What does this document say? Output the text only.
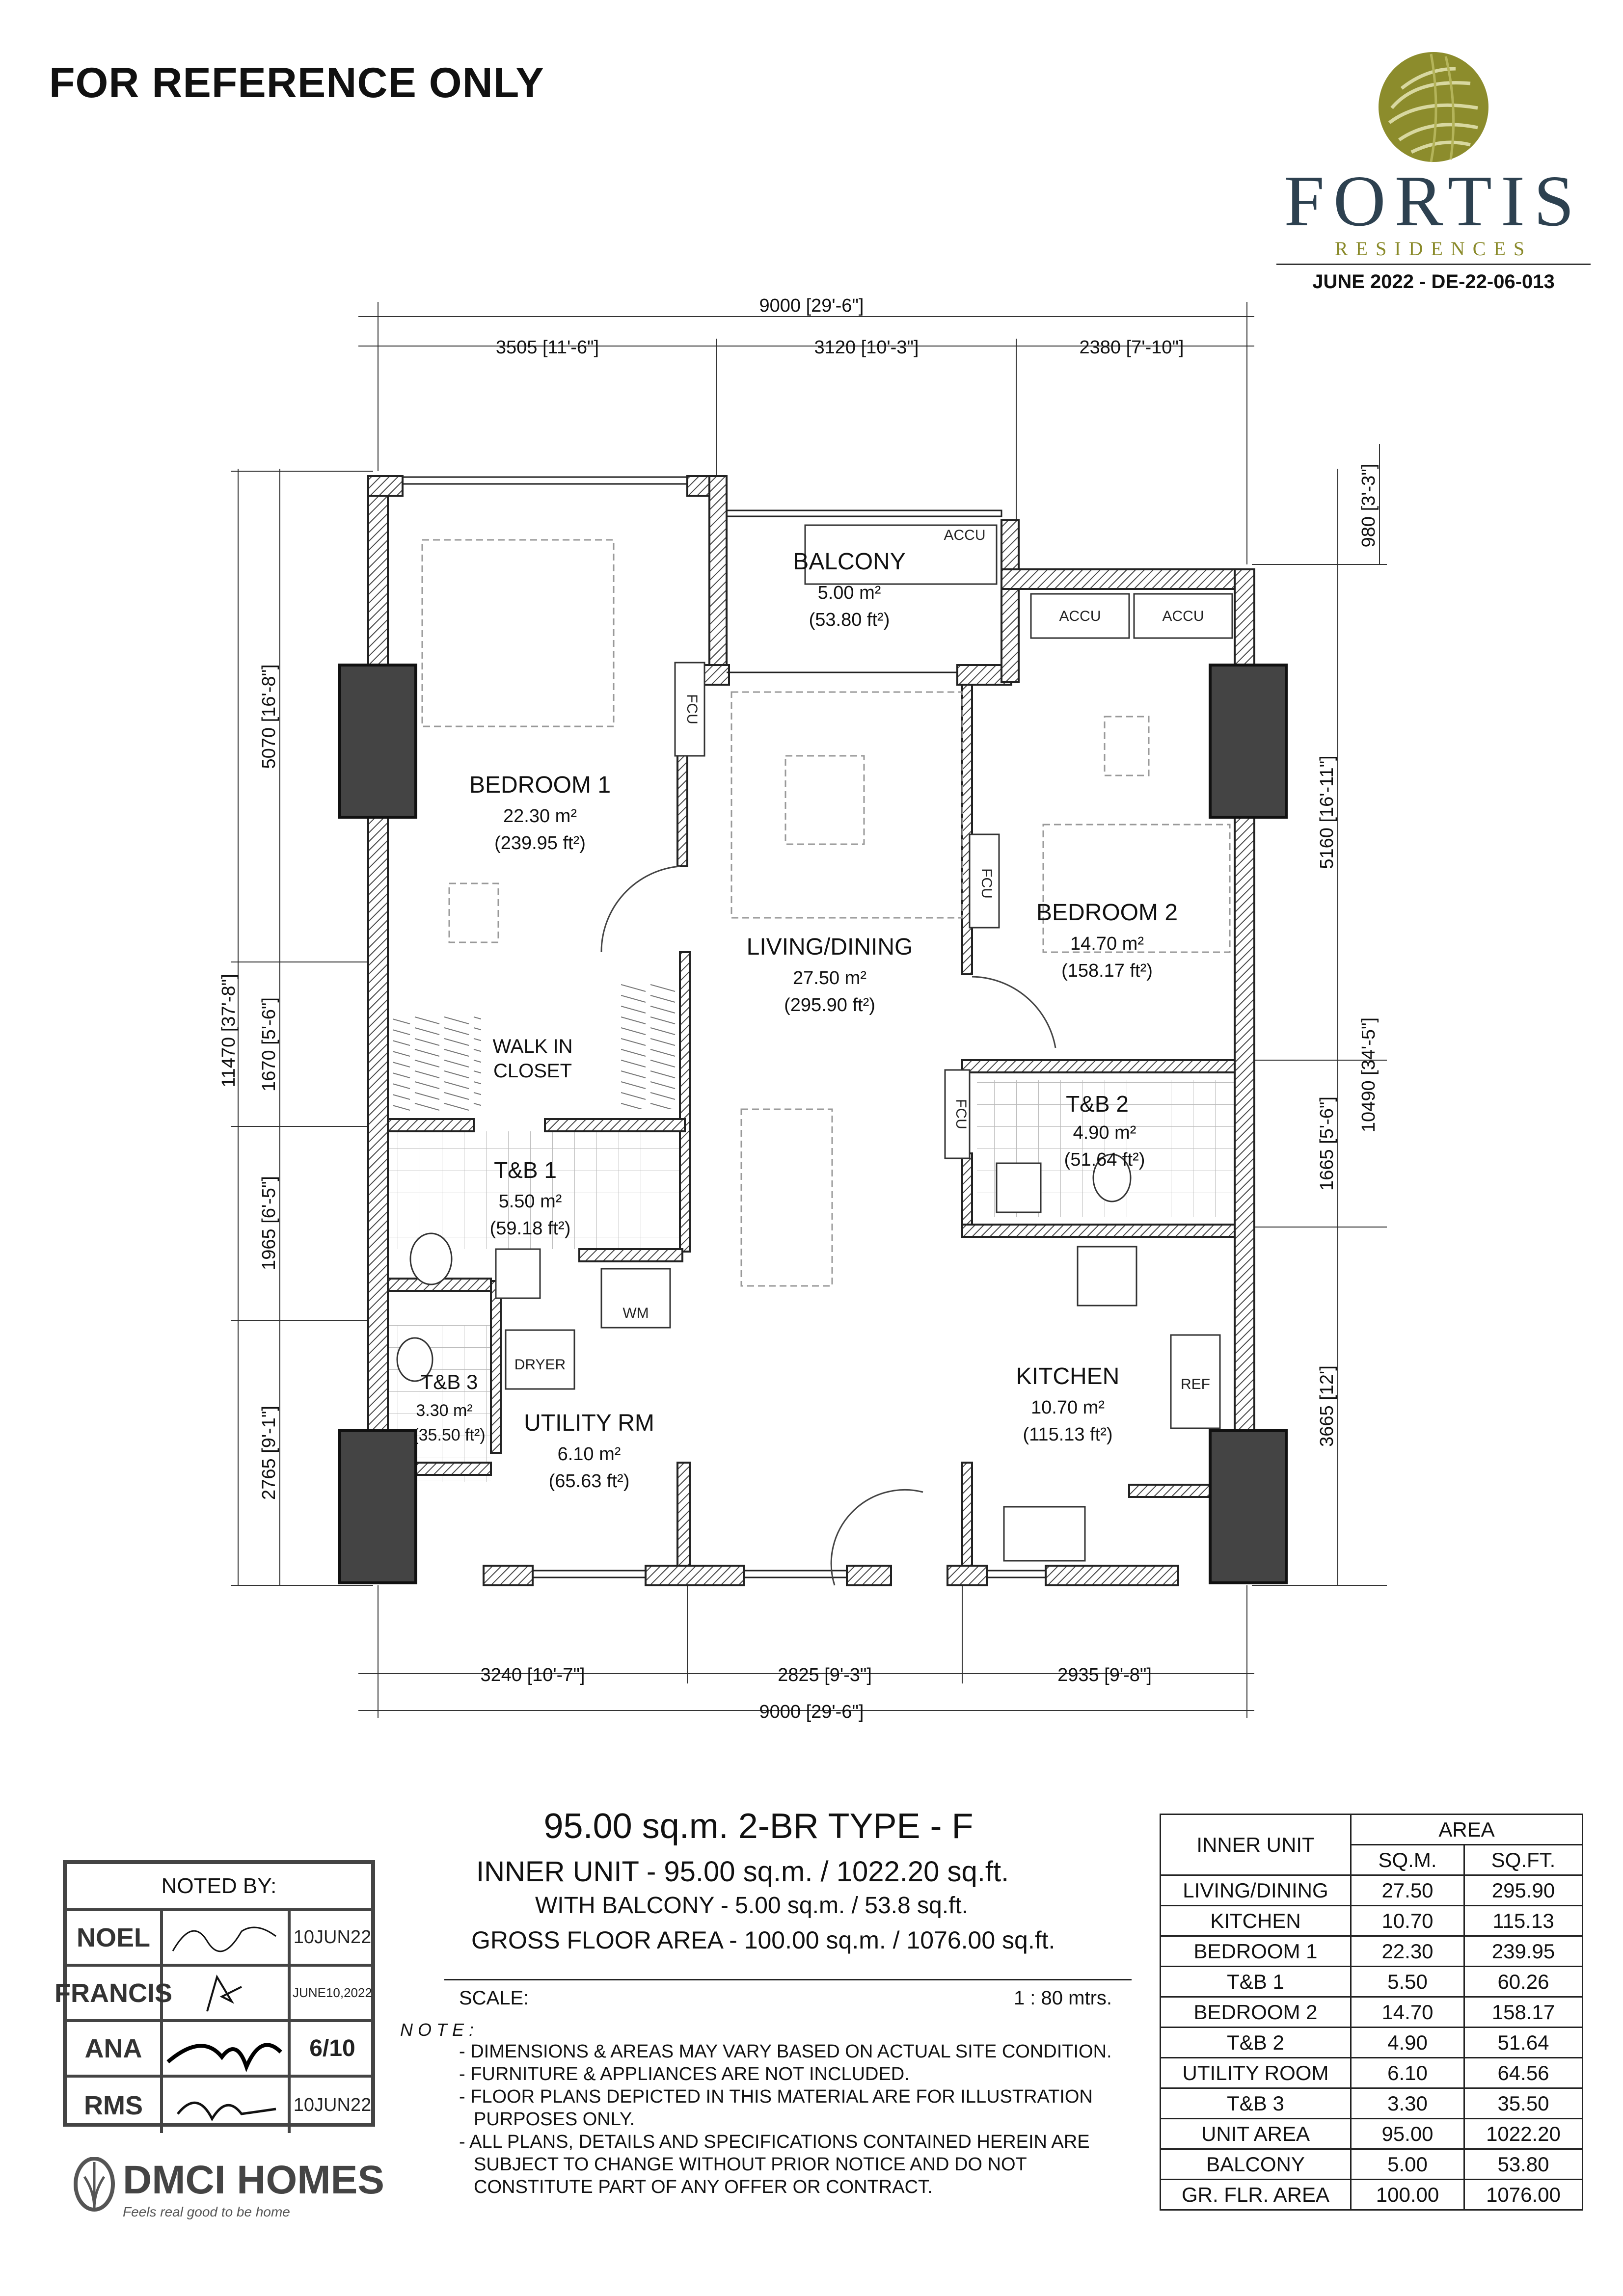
FOR REFERENCE ONLY
FORTIS
RESIDENCES
JUNE 2022 - DE-22-06-013
9000 [29'-6"]
3505 [11'-6"]	3120 [10'-3"]	2380 [7'-10"]
3240 [10'-7"]	2825 [9'-3"]	2935 [9'-8"]
9000 [29'-6"]
11470 [37'-8"]
5070 [16'-8"]
1670 [5'-6"]
1965 [6'-5"]
2765 [9'-1"]
980 [3'-3"]
10490 [34'-5"]
5160 [16'-11"]
1665 [5'-6"]
3665 [12']
ACCU
ACCU	ACCU
FCU
FCU
FCU
WM
DRYER
REF
BALCONY
5.00 m²
(53.80 ft²)
BEDROOM 1
22.30 m²
(239.95 ft²)
LIVING/DINING
27.50 m²
(295.90 ft²)
BEDROOM 2
14.70 m²
(158.17 ft²)
WALK IN
CLOSET
T&B 1
5.50 m²
(59.18 ft²)
T&B 2
4.90 m²
(51.64 ft²)
T&B 3
3.30 m²
(35.50 ft²) UTILITY RM
6.10 m²
(65.63 ft²)
KITCHEN
10.70 m²
(115.13 ft²)
95.00 sq.m. 2-BR TYPE - F
INNER UNIT - 95.00 sq.m. / 1022.20 sq.ft.
WITH BALCONY - 5.00 sq.m. / 53.8 sq.ft.
GROSS FLOOR AREA - 100.00 sq.m. / 1076.00 sq.ft.
SCALE:	1 : 80 mtrs.
NOTE:
- DIMENSIONS & AREAS MAY VARY BASED ON ACTUAL SITE CONDITION.
- FURNITURE & APPLIANCES ARE NOT INCLUDED.
- FLOOR PLANS DEPICTED IN THIS MATERIAL ARE FOR ILLUSTRATION
PURPOSES ONLY.
- ALL PLANS, DETAILS AND SPECIFICATIONS CONTAINED HEREIN ARE
SUBJECT TO CHANGE WITHOUT PRIOR NOTICE AND DO NOT
CONSTITUTE PART OF ANY OFFER OR CONTRACT.
NOTED BY:
NOEL	10JUN22
FRANCIS	JUNE10,2022
ANA	6/10
RMS	10JUN22
DMCI HOMES
Feels real good to be home
INNER UNIT	AREA	
	SQ.M.	SQ.FT.
LIVING/DINING	27.50	295.90
KITCHEN	10.70	115.13
BEDROOM 1	22.30	239.95
T&B 1	5.50	60.26
BEDROOM 2	14.70	158.17
T&B 2	4.90	51.64
UTILITY ROOM	6.10	64.56
T&B 3	3.30	35.50
UNIT AREA	95.00	1022.20
BALCONY	5.00	53.80
GR. FLR. AREA	100.00	1076.00
